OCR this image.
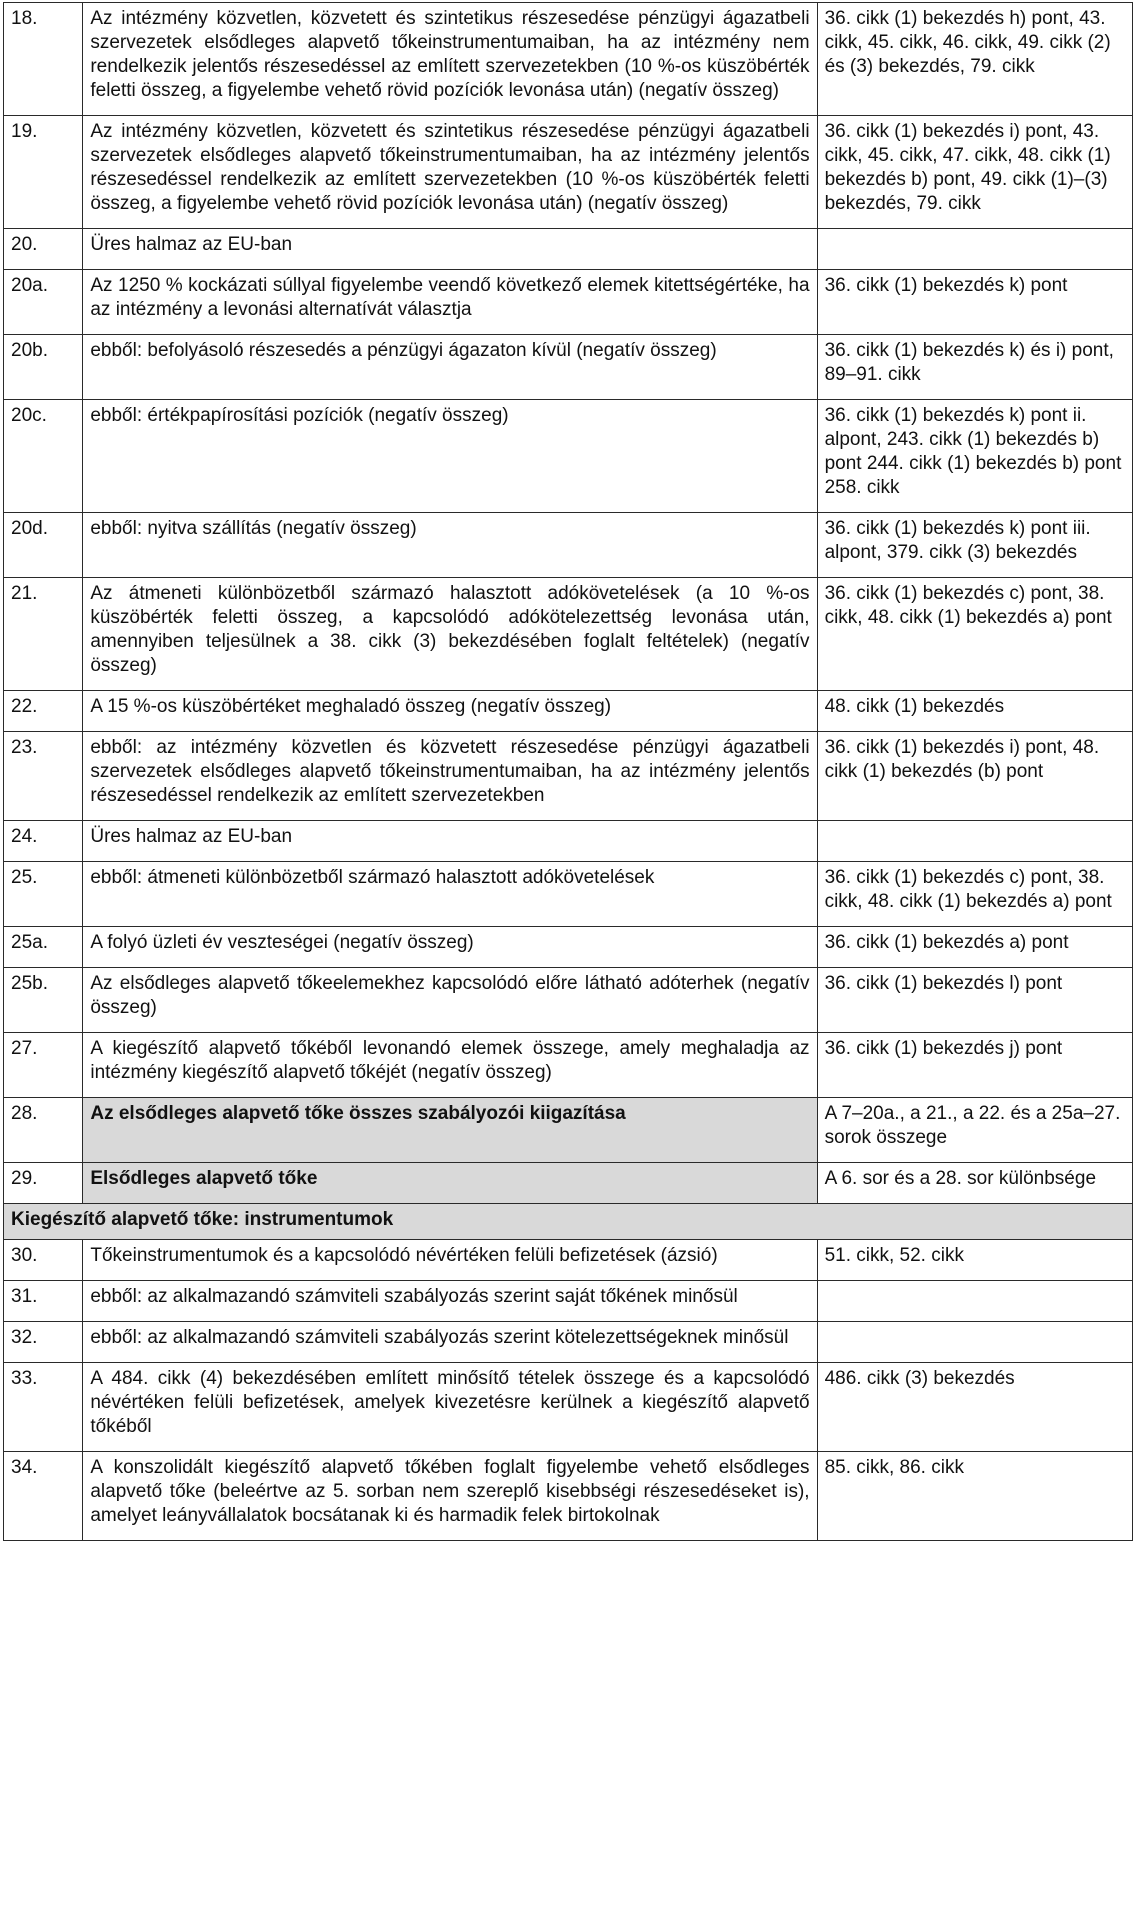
18.	Az intézmény közvetlen, közvetett és szintetikus részesedése pénzügyi ágazatbeli szervezetek elsődleges alapvető tőkeinstrumentumaiban, ha az intézmény nem rendelkezik jelentős részesedéssel az említett szervezetekben (10 %-os küszöbérték feletti összeg, a figyelembe vehető rövid pozíciók levonása után) (negatív összeg)	36. cikk (1) bekezdés h) pont, 43. cikk, 45. cikk, 46. cikk, 49. cikk (2) és (3) bekezdés, 79. cikk
19.	Az intézmény közvetlen, közvetett és szintetikus részesedése pénzügyi ágazatbeli szervezetek elsődleges alapvető tőkeinstrumentumaiban, ha az intézmény jelentős részesedéssel rendelkezik az említett szervezetekben (10 %-os küszöbérték feletti összeg, a figyelembe vehető rövid pozíciók levonása után) (negatív összeg)	36. cikk (1) bekezdés i) pont, 43. cikk, 45. cikk, 47. cikk, 48. cikk (1) bekezdés b) pont, 49. cikk (1)–(3) bekezdés, 79. cikk
20.	Üres halmaz az EU-ban	
20a.	Az 1250 % kockázati súllyal figyelembe veendő következő elemek kitettségértéke, ha az intézmény a levonási alternatívát választja	36. cikk (1) bekezdés k) pont
20b.	ebből: befolyásoló részesedés a pénzügyi ágazaton kívül (negatív összeg)	36. cikk (1) bekezdés k) és i) pont, 89–91. cikk
20c.	ebből: értékpapírosítási pozíciók (negatív összeg)	36. cikk (1) bekezdés k) pont ii. alpont, 243. cikk (1) bekezdés b) pont 244. cikk (1) bekezdés b) pont 258. cikk
20d.	ebből: nyitva szállítás (negatív összeg)	36. cikk (1) bekezdés k) pont iii. alpont, 379. cikk (3) bekezdés
21.	Az átmeneti különbözetből származó halasztott adókövetelések (a 10 %-os küszöbérték feletti összeg, a kapcsolódó adókötelezettség levonása után, amennyiben teljesülnek a 38. cikk (3) bekezdésében foglalt feltételek) (negatív összeg)	36. cikk (1) bekezdés c) pont, 38. cikk, 48. cikk (1) bekezdés a) pont
22.	A 15 %-os küszöbértéket meghaladó összeg (negatív összeg)	48. cikk (1) bekezdés
23.	ebből: az intézmény közvetlen és közvetett részesedése pénzügyi ágazatbeli szervezetek elsődleges alapvető tőkeinstrumentumaiban, ha az intézmény jelentős részesedéssel rendelkezik az említett szervezetekben	36. cikk (1) bekezdés i) pont, 48. cikk (1) bekezdés (b) pont
24.	Üres halmaz az EU-ban	
25.	ebből: átmeneti különbözetből származó halasztott adókövetelések	36. cikk (1) bekezdés c) pont, 38. cikk, 48. cikk (1) bekezdés a) pont
25a.	A folyó üzleti év veszteségei (negatív összeg)	36. cikk (1) bekezdés a) pont
25b.	Az elsődleges alapvető tőkeelemekhez kapcsolódó előre látható adóterhek (negatív összeg)	36. cikk (1) bekezdés l) pont
27.	A kiegészítő alapvető tőkéből levonandó elemek összege, amely meghaladja az intézmény kiegészítő alapvető tőkéjét (negatív összeg)	36. cikk (1) bekezdés j) pont
28.	Az elsődleges alapvető tőke összes szabályozói kiigazítása	A 7–20a., a 21., a 22. és a 25a–27. sorok összege
29.	Elsődleges alapvető tőke	A 6. sor és a 28. sor különbsége
Kiegészítő alapvető tőke: instrumentumok		
30.	Tőkeinstrumentumok és a kapcsolódó névértéken felüli befizetések (ázsió)	51. cikk, 52. cikk
31.	ebből: az alkalmazandó számviteli szabályozás szerint saját tőkének minősül	
32.	ebből: az alkalmazandó számviteli szabályozás szerint kötelezettségeknek minősül	
33.	A 484. cikk (4) bekezdésében említett minősítő tételek összege és a kapcsolódó névértéken felüli befizetések, amelyek kivezetésre kerülnek a kiegészítő alapvető tőkéből	486. cikk (3) bekezdés
34.	A konszolidált kiegészítő alapvető tőkében foglalt figyelembe vehető elsődleges alapvető tőke (beleértve az 5. sorban nem szereplő kisebbségi részesedéseket is), amelyet leányvállalatok bocsátanak ki és harmadik felek birtokolnak	85. cikk, 86. cikk
